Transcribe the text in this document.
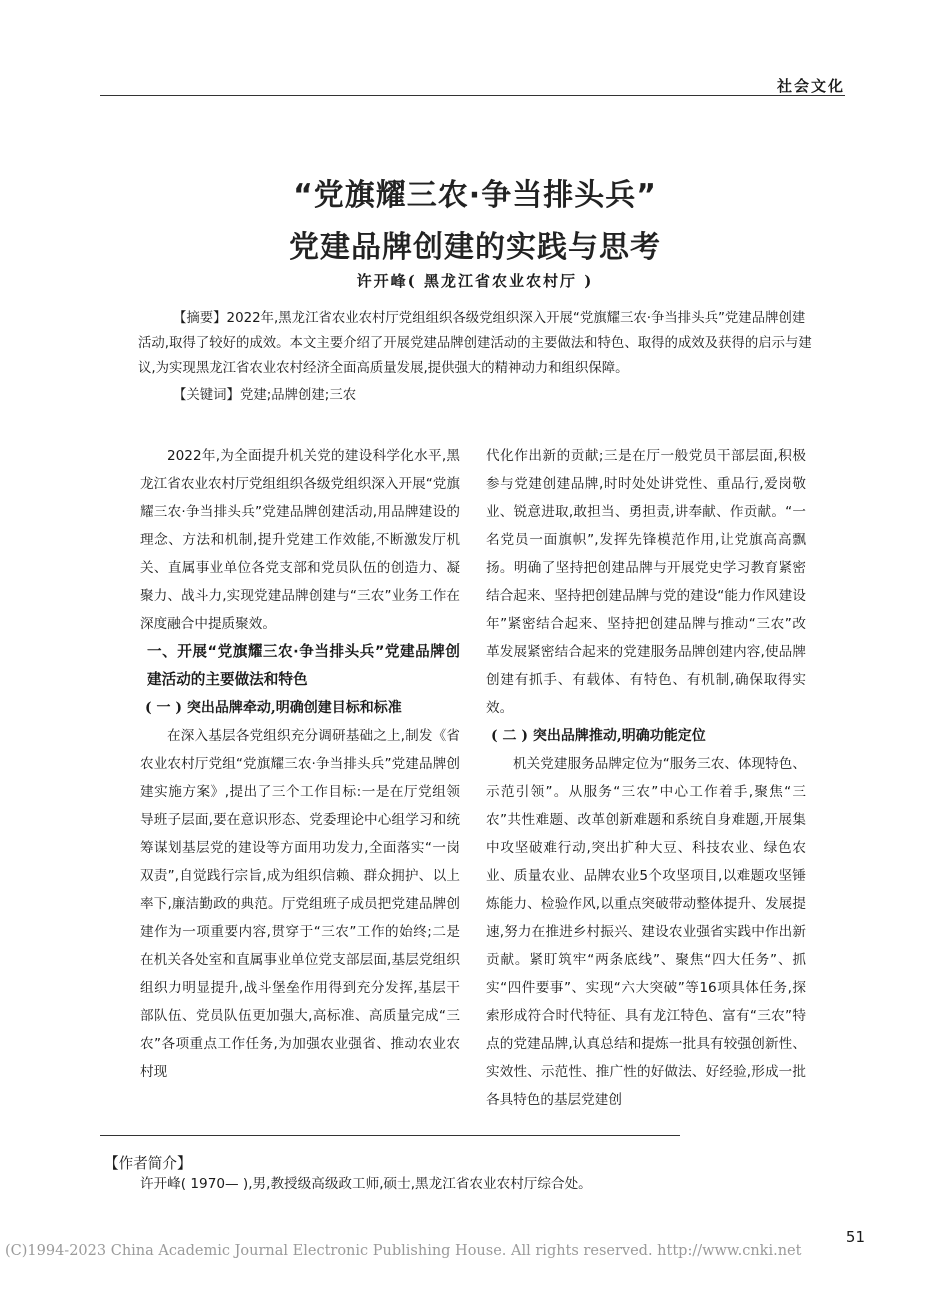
社会文化
“党旗耀三农·争当排头兵”
党建品牌创建的实践与思考
许开峰( 黑龙江省农业农村厅 )

【摘要】2022年,黑龙江省农业农村厅党组组织各级党组织深入开展“党旗耀三农·争当排头兵”党建品牌创建活动,取得了较好的成效。本文主要介绍了开展党建品牌创建活动的主要做法和特色、取得的成效及获得的启示与建议,为实现黑龙江省农业农村经济全面高质量发展,提供强大的精神动力和组织保障。

【关键词】党建;品牌创建;三农

2022年,为全面提升机关党的建设科学化水平,黑龙江省农业农村厅党组组织各级党组织深入开展“党旗耀三农·争当排头兵”党建品牌创建活动,用品牌建设的理念、方法和机制,提升党建工作效能,不断激发厅机关、直属事业单位各党支部和党员队伍的创造力、凝聚力、战斗力,实现党建品牌创建与“三农”业务工作在深度融合中提质聚效。

一、开展“党旗耀三农·争当排头兵”党建品牌创建活动的主要做法和特色

( 一 ) 突出品牌牵动,明确创建目标和标准

在深入基层各党组织充分调研基础之上,制发《省农业农村厅党组“党旗耀三农·争当排头兵”党建品牌创建实施方案》,提出了三个工作目标:一是在厅党组领导班子层面,要在意识形态、党委理论中心组学习和统筹谋划基层党的建设等方面用功发力,全面落实“一岗双责”,自觉践行宗旨,成为组织信赖、群众拥护、以上率下,廉洁勤政的典范。厅党组班子成员把党建品牌创建作为一项重要内容,贯穿于“三农”工作的始终;二是在机关各处室和直属事业单位党支部层面,基层党组织组织力明显提升,战斗堡垒作用得到充分发挥,基层干部队伍、党员队伍更加强大,高标准、高质量完成“三农”各项重点工作任务,为加强农业强省、推动农业农村现

代化作出新的贡献;三是在厅一般党员干部层面,积极参与党建创建品牌,时时处处讲党性、重品行,爱岗敬业、锐意进取,敢担当、勇担责,讲奉献、作贡献。“一名党员一面旗帜”,发挥先锋模范作用,让党旗高高飘扬。明确了坚持把创建品牌与开展党史学习教育紧密结合起来、坚持把创建品牌与党的建设“能力作风建设年”紧密结合起来、坚持把创建品牌与推动“三农”改革发展紧密结合起来的党建服务品牌创建内容,使品牌创建有抓手、有载体、有特色、有机制,确保取得实效。

( 二 ) 突出品牌推动,明确功能定位

机关党建服务品牌定位为“服务三农、体现特色、示范引领”。从服务“三农”中心工作着手,聚焦“三农”共性难题、改革创新难题和系统自身难题,开展集中攻坚破难行动,突出扩种大豆、科技农业、绿色农业、质量农业、品牌农业5个攻坚项目,以难题攻坚锤炼能力、检验作风,以重点突破带动整体提升、发展提速,努力在推进乡村振兴、建设农业强省实践中作出新贡献。紧盯筑牢“两条底线”、聚焦“四大任务”、抓实“四件要事”、实现“六大突破”等16项具体任务,探索形成符合时代特征、具有龙江特色、富有“三农”特点的党建品牌,认真总结和提炼一批具有较强创新性、实效性、示范性、推广性的好做法、好经验,形成一批各具特色的基层党建创

【作者简介】
许开峰( 1970— ),男,教授级高级政工师,硕士,黑龙江省农业农村厅综合处。
51
(C)1994-2023 China Academic Journal Electronic Publishing House. All rights reserved. http://www.cnki.net
